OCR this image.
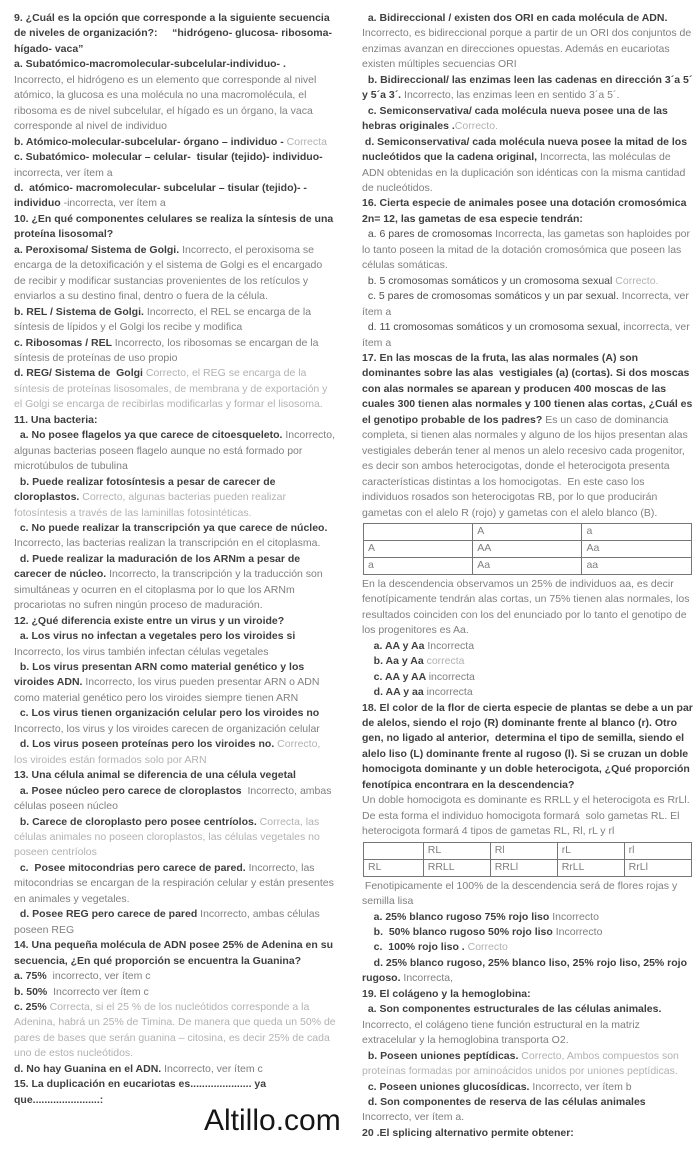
9. ¿Cuál es la opción que corresponde a la siguiente secuencia de niveles de organización?:     “hidrógeno- glucosa- ribosoma- hígado- vaca”

a. Subatómico-macromolecular-subcelular-individuo- . Incorrecto, el hidrógeno es un elemento que corresponde al nivel atómico, la glucosa es una molécula no una macromolécula, el ribosoma es de nivel subcelular, el hígado es un órgano, la vaca corresponde al nivel de individuo

b. Atómico-molecular-subcelular- órgano – individuo - Correcta

c. Subatómico- molecular – celular-  tisular (tejido)- individuo-incorrecta, ver ítem a

d.  atómico- macromolecular- subcelular – tisular (tejido)- - individuo -incorrecta, ver ítem a

10. ¿En qué componentes celulares se realiza la síntesis de una proteína lisosomal?

a. Peroxisoma/ Sistema de Golgi. Incorrecto, el peroxisoma se encarga de la detoxificación y el sistema de Golgi es el encargado de recibir y modificar sustancias provenientes de los retículos y enviarlos a su destino final, dentro o fuera de la célula.

b. REL / Sistema de Golgi. Incorrecto, el REL se encarga de la síntesis de lípidos y el Golgi los recibe y modifica

c. Ribosomas / REL Incorrecto, los ribosomas se encargan de la síntesis de proteínas de uso propio

d. REG/ Sistema de  Golgi Correcto, el REG se encarga de la síntesis de proteínas lisosomales, de membrana y de exportación y el Golgi se encarga de recibirlas modificarlas y formar el lisosoma.

11. Una bacteria:

a. No posee flagelos ya que carece de citoesqueleto. Incorrecto, algunas bacterias poseen flagelo aunque no está formado por microtúbulos de tubulina

b. Puede realizar fotosíntesis a pesar de carecer de cloroplastos. Correcto, algunas bacterias pueden realizar fotosíntesis a través de las laminillas fotosintéticas.

c. No puede realizar la transcripción ya que carece de núcleo. Incorrecto, las bacterias realizan la transcripción en el citoplasma.

d. Puede realizar la maduración de los ARNm a pesar de carecer de núcleo. Incorrecto, la transcripción y la traducción son simultáneas y ocurren en el citoplasma por lo que los ARNm procariotas no sufren ningún proceso de maduración.

12. ¿Qué diferencia existe entre un virus y un viroide?

a. Los virus no infectan a vegetales pero los viroides si Incorrecto, los virus también infectan células vegetales

b. Los virus presentan ARN como material genético y los viroides ADN. Incorrecto, los virus pueden presentar ARN o ADN como material genético pero los viroides siempre tienen ARN

c. Los virus tienen organización celular pero los viroides no Incorrecto, los virus y los viroides carecen de organización celular

d. Los virus poseen proteínas pero los viroides no. Correcto, los viroides están formados solo por ARN

13. Una célula animal se diferencia de una célula vegetal

a. Posee núcleo pero carece de cloroplastos  Incorrecto, ambas células poseen núcleo

b. Carece de cloroplasto pero posee centríolos. Correcta, las células animales no poseen cloroplastos, las células vegetales no poseen centríolos

c.  Posee mitocondrias pero carece de pared. Incorrecto, las mitocondrias se encargan de la respiración celular y están presentes en animales y vegetales.

d. Posee REG pero carece de pared Incorrecto, ambas células poseen REG

14. Una pequeña molécula de ADN posee 25% de Adenina en su secuencia, ¿En qué proporción se encuentra la Guanina?

a. 75%  incorrecto, ver ítem c

b. 50%  Incorrecto ver ítem c

c. 25% Correcta, si el 25 % de los nucleótidos corresponde a la Adenina, habrá un 25% de Timina. De manera que queda un 50% de pares de bases que serán guanina – citosina, es decir 25% de cada uno de estos nucleótidos.

d. No hay Guanina en el ADN. Incorrecto, ver ítem c

15. La duplicación en eucariotas es..................... ya que.......................:

a. Bidireccional / existen dos ORI en cada molécula de ADN. Incorrecto, es bidireccional porque a partir de un ORI dos conjuntos de enzimas avanzan en direcciones opuestas. Además en eucariotas existen múltiples secuencias ORI

b. Bidireccional/ las enzimas leen las cadenas en dirección 3´a 5´ y 5´a 3´. Incorrecto, las enzimas leen en sentido 3´a 5´.

c. Semiconservativa/ cada molécula nueva posee una de las hebras originales .Correcto.

d. Semiconservativa/ cada molécula nueva posee la mitad de los nucleótidos que la cadena original, Incorrecta, las moléculas de ADN obtenidas en la duplicación son idénticas con la misma cantidad de nucleótidos.

16. Cierta especie de animales posee una dotación cromosómica 2n= 12, las gametas de esa especie tendrán:

a. 6 pares de cromosomas Incorrecta, las gametas son haploides por lo tanto poseen la mitad de la dotación cromosómica que poseen las células somáticas.

b. 5 cromosomas somáticos y un cromosoma sexual Correcto.

c. 5 pares de cromosomas somáticos y un par sexual. Incorrecta, ver ítem a

d. 11 cromosomas somáticos y un cromosoma sexual, incorrecta, ver ítem a

17. En las moscas de la fruta, las alas normales (A) son dominantes sobre las alas  vestigiales (a) (cortas). Si dos moscas con alas normales se aparean y producen 400 moscas de las cuales 300 tienen alas normales y 100 tienen alas cortas, ¿Cuál es el genotipo probable de los padres? Es un caso de dominancia completa, si tienen alas normales y alguno de los hijos presentan alas vestigiales deberán tener al menos un alelo recesivo cada progenitor, es decir son ambos heterocigotas, donde el heterocigota presenta características distintas a los homocigotas.  En este caso los individuos rosados son heterocigotas RB, por lo que producirán gametas con el alelo R (rojo) y gametas con el alelo blanco (B).

	A	a
A	AA	Aa
a	Aa	aa

En la descendencia observamos un 25% de individuos aa, es decir fenotípicamente tendrán alas cortas, un 75% tienen alas normales, los resultados coinciden con los del enunciado por lo tanto el genotipo de los progenitores es Aa.

a. AA y Aa Incorrecta

b. Aa y Aa correcta

c. AA y AA incorrecta

d. AA y aa incorrecta

18. El color de la flor de cierta especie de plantas se debe a un par de alelos, siendo el rojo (R) dominante frente al blanco (r). Otro gen, no ligado al anterior,  determina el tipo de semilla, siendo el alelo liso (L) dominante frente al rugoso (l). Si se cruzan un doble homocigota dominante y un doble heterocigota, ¿Qué proporción fenotípica encontrara en la descendencia?

Un doble homocigota es dominante es RRLL y el heterocigota es RrLl. De esta forma el individuo homocigota formará  solo gametas RL. El heterocigota formará 4 tipos de gametas RL, Rl, rL y rl

	RL	Rl	rL	rl
RL	RRLL	RRLl	RrLL	RrLl

Fenotipicamente el 100% de la descendencia será de flores rojas y semilla lisa

a. 25% blanco rugoso 75% rojo liso Incorrecto

b.  50% blanco rugoso 50% rojo liso Incorrecto

c.  100% rojo liso . Correcto

d. 25% blanco rugoso, 25% blanco liso, 25% rojo liso, 25% rojo rugoso. Incorrecta,

19. El colágeno y la hemoglobina:

a. Son componentes estructurales de las células animales. Incorrecto, el colágeno tiene función estructural en la matriz extracelular y la hemoglobina transporta O2.

b. Poseen uniones peptídicas. Correcto, Ambos compuestos son proteínas formadas por aminoácidos unidos por uniones peptídicas.

c. Poseen uniones glucosídicas. Incorrecto, ver ítem b

d. Son componentes de reserva de las células animales Incorrecto, ver ítem a.

20 .El splicing alternativo permite obtener:

Altillo.com
